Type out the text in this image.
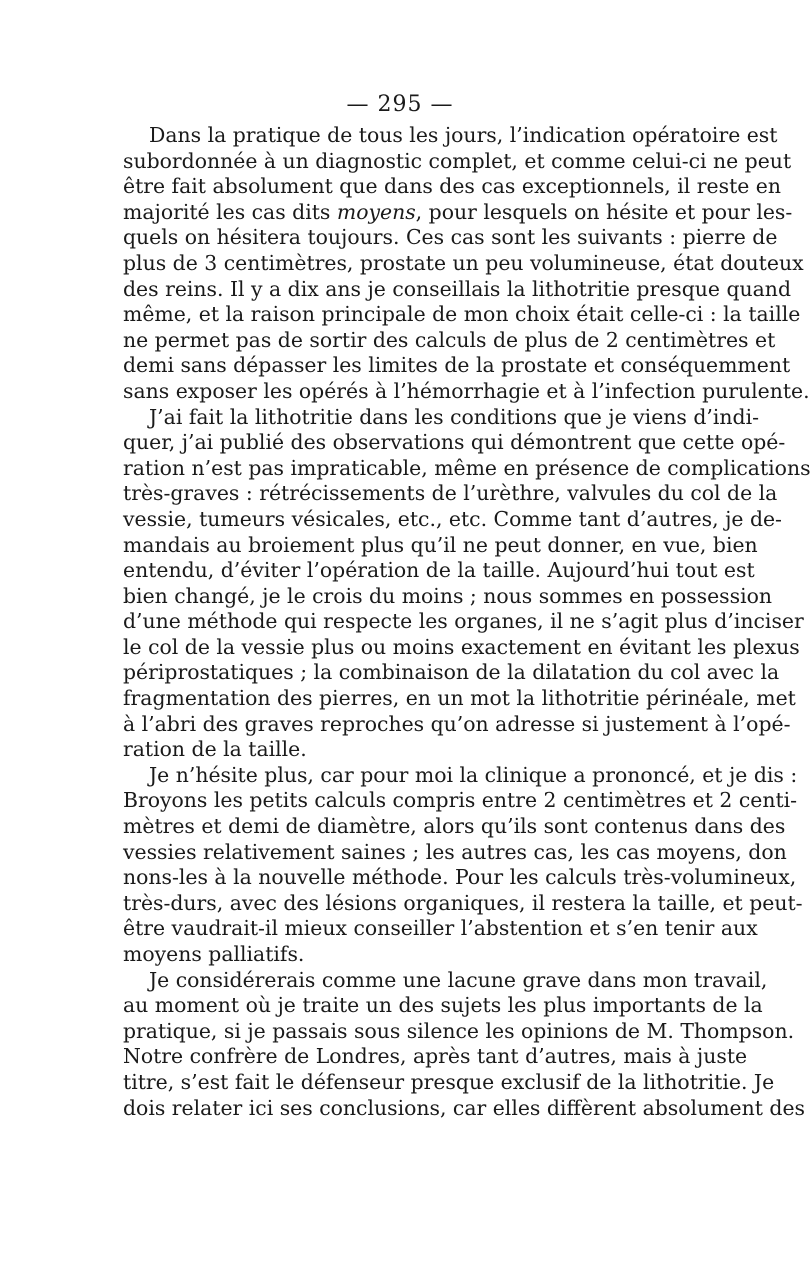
— 295 —

Dans la pratique de tous les jours, l’indication opératoire est
subordonnée à un diagnostic complet, et comme celui-ci ne peut
être fait absolument que dans des cas exceptionnels, il reste en
majorité les cas dits moyens, pour lesquels on hésite et pour les-
quels on hésitera toujours. Ces cas sont les suivants : pierre de
plus de 3 centimètres, prostate un peu volumineuse, état douteux
des reins. Il y a dix ans je conseillais la lithotritie presque quand
même, et la raison principale de mon choix était celle-ci : la taille
ne permet pas de sortir des calculs de plus de 2 centimètres et
demi sans dépasser les limites de la prostate et conséquemment
sans exposer les opérés à l’hémorrhagie et à l’infection purulente.

J’ai fait la lithotritie dans les conditions que je viens d’indi-
quer, j’ai publié des observations qui démontrent que cette opé-
ration n’est pas impraticable, même en présence de complications
très-graves : rétrécissements de l’urèthre, valvules du col de la
vessie, tumeurs vésicales, etc., etc. Comme tant d’autres, je de-
mandais au broiement plus qu’il ne peut donner, en vue, bien
entendu, d’éviter l’opération de la taille. Aujourd’hui tout est
bien changé, je le crois du moins ; nous sommes en possession
d’une méthode qui respecte les organes, il ne s’agit plus d’inciser
le col de la vessie plus ou moins exactement en évitant les plexus
périprostatiques ; la combinaison de la dilatation du col avec la
fragmentation des pierres, en un mot la lithotritie périnéale, met
à l’abri des graves reproches qu’on adresse si justement à l’opé-
ration de la taille.

Je n’hésite plus, car pour moi la clinique a prononcé, et je dis :
Broyons les petits calculs compris entre 2 centimètres et 2 centi-
mètres et demi de diamètre, alors qu’ils sont contenus dans des
vessies relativement saines ; les autres cas, les cas moyens, don
nons-les à la nouvelle méthode. Pour les calculs très-volumineux,
très-durs, avec des lésions organiques, il restera la taille, et peut-
être vaudrait-il mieux conseiller l’abstention et s’en tenir aux
moyens palliatifs.

Je considérerais comme une lacune grave dans mon travail,
au moment où je traite un des sujets les plus importants de la
pratique, si je passais sous silence les opinions de M. Thompson.
Notre confrère de Londres, après tant d’autres, mais à juste
titre, s’est fait le défenseur presque exclusif de la lithotritie. Je
dois relater ici ses conclusions, car elles diffèrent absolument des
